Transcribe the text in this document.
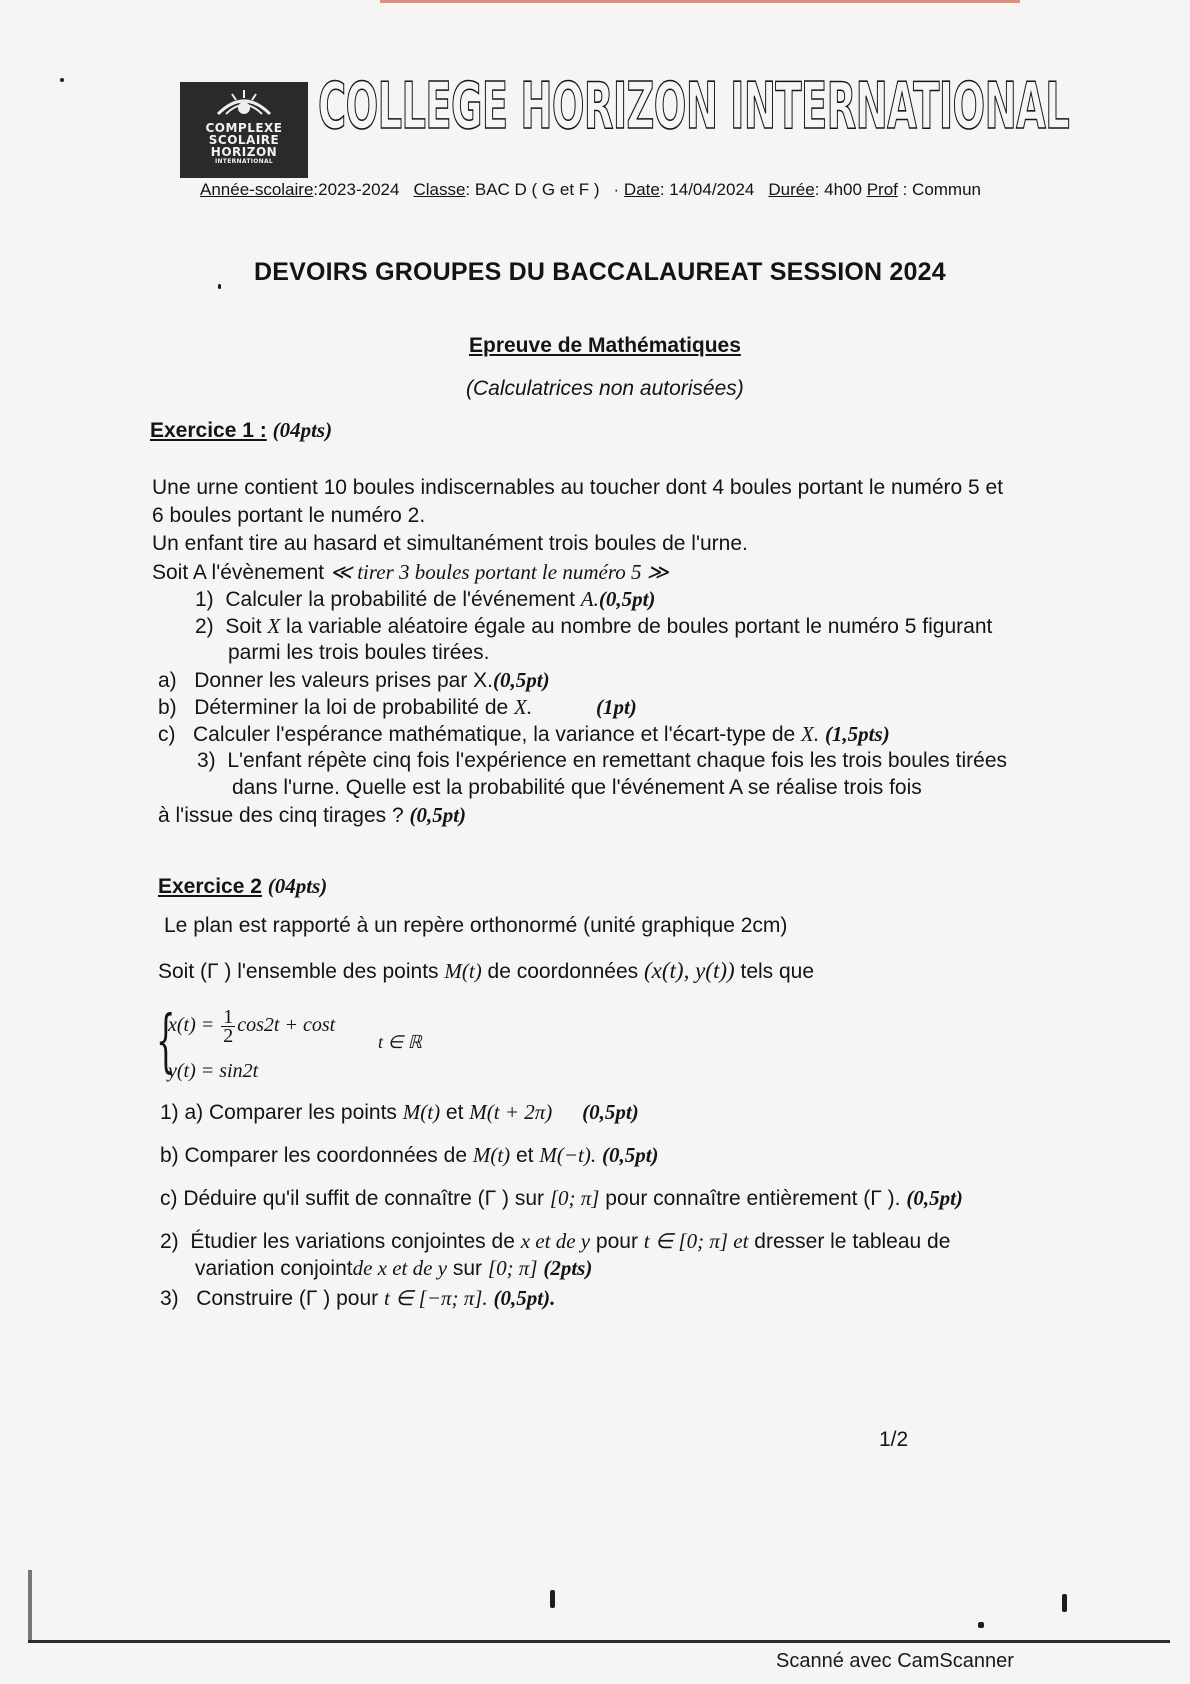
COMPLEXE
SCOLAIRE
HORIZON
INTERNATIONAL
COLLEGE HORIZON INTERNATIONAL
Année-scolaire:2023-2024 Classe: BAC D ( G et F ) · Date: 14/04/2024 Durée: 4h00 Prof : Commun
DEVOIRS GROUPES DU BACCALAUREAT SESSION 2024
Epreuve de Mathématiques
(Calculatrices non autorisées)
Exercice 1 : (04pts)
Une urne contient 10 boules indiscernables au toucher dont 4 boules portant le numéro 5 et
6 boules portant le numéro 2.
Un enfant tire au hasard et simultanément trois boules de l'urne.
Soit A l'évènement ≪ tirer 3 boules portant le numéro 5 ≫
1) Calculer la probabilité de l'événement A.(0,5pt)
2) Soit X la variable aléatoire égale au nombre de boules portant le numéro 5 figurant
parmi les trois boules tirées.
a) Donner les valeurs prises par X.(0,5pt)
b) Déterminer la loi de probabilité de X.	(1pt)
c) Calculer l'espérance mathématique, la variance et l'écart-type de X. (1,5pts)
3) L'enfant répète cinq fois l'expérience en remettant chaque fois les trois boules tirées
dans l'urne. Quelle est la probabilité que l'événement A se réalise trois fois
à l'issue des cinq tirages ? (0,5pt)
Exercice 2 (04pts)
Le plan est rapporté à un repère orthonormé (unité graphique 2cm)
Soit (Γ ) l'ensemble des points M(t) de coordonnées (x(t), y(t)) tels que
{
$x(t) = \frac{1}{2} \cos 2t + \cos t$
t ∈ ℝ
y(t) = sin2t
1) a) Comparer les points M(t) et M(t + 2π) (0,5pt)
b) Comparer les coordonnées de M(t) et M(−t). (0,5pt)
c) Déduire qu'il suffit de connaître (Γ ) sur [0; π] pour connaître entièrement (Γ ). (0,5pt)
2) Étudier les variations conjointes de x et de y pour t ∈ [0; π] et dresser le tableau de
variation conjointde x et de y sur [0; π] (2pts)
3) Construire (Γ ) pour t ∈ [−π; π]. (0,5pt).
1/2
Scanné avec CamScanner
